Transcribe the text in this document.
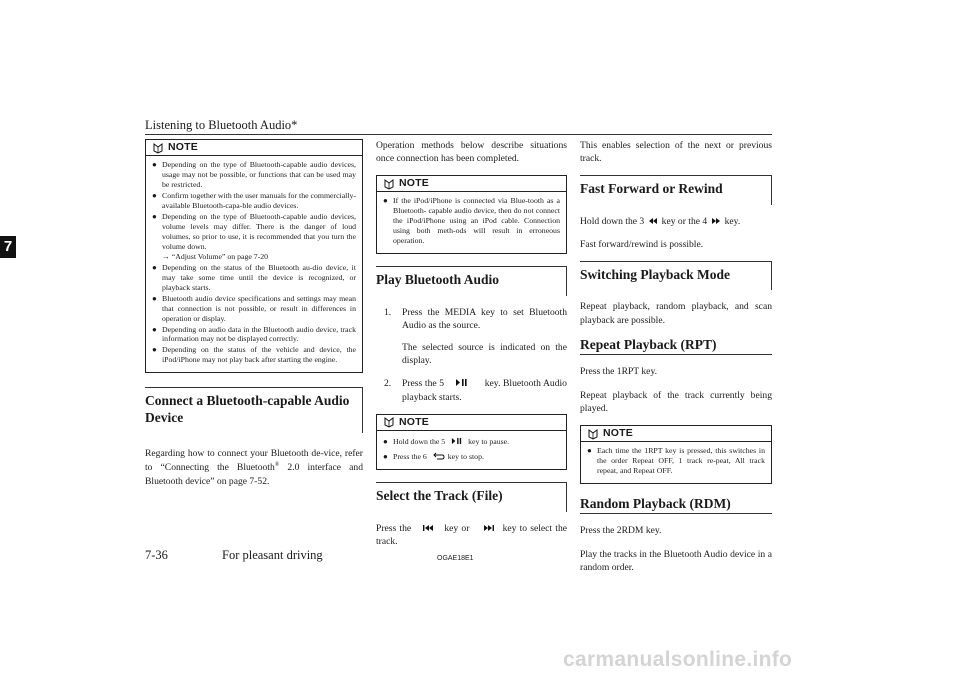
Listening to Bluetooth Audio*
7
NOTE
● Depending on the type of Bluetooth-capable audio devices, usage may not be possible, or functions that can be used may be restricted.
● Confirm together with the user manuals for the commercially- available Bluetooth-capa-ble audio devices.
● Depending on the type of Bluetooth-capable audio devices, volume levels may differ. There is the danger of loud volumes, so prior to use, it is recommended that you turn the volume down.
→ “Adjust Volume” on page 7-20
● Depending on the status of the Bluetooth au-dio device, it may take some time until the device is recognized, or playback starts.
● Bluetooth audio device specifications and settings may mean that connection is not possible, or result in differences in operation or display.
● Depending on audio data in the Bluetooth audio device, track information may not be displayed correctly.
● Depending on the status of the vehicle and device, the iPod/iPhone may not play back after starting the engine.
Connect a Bluetooth-capable Audio Device

Regarding how to connect your Bluetooth de-vice, refer to “Connecting the Bluetooth® 2.0 interface and Bluetooth device” on page 7-52.

Operation methods below describe situations once connection has been completed.

NOTE
● If the iPod/iPhone is connected via Blue-tooth as a Bluetooth- capable audio device, then do not connect the iPod/iPhone using an iPod cable. Connection using both meth-ods will result in erroneous operation.
Play Bluetooth Audio
1.	Press the MEDIA key to set Bluetooth Audio as the source.
The selected source is indicated on the display.
2.	Press the 5	key. Bluetooth Audio playback starts.
NOTE
● Hold down the 5	key to pause.
● Press the 6	key to stop.
Select the Track (File)

Press the	key or	key to select the track.

This enables selection of the next or previous track.

Fast Forward or Rewind

Hold down the 3 key or the 4 key.

Fast forward/rewind is possible.

Switching Playback Mode

Repeat playback, random playback, and scan playback are possible.

Repeat Playback (RPT)

Press the 1RPT key.

Repeat playback of the track currently being played.

NOTE
● Each time the 1RPT key is pressed, this switches in the order Repeat OFF, 1 track re-peat, All track repeat, and Repeat OFF.
Random Playback (RDM)

Press the 2RDM key.

Play the tracks in the Bluetooth Audio device in a random order.

7-36	For pleasant driving	OGAE18E1
carmanualsonline.info
